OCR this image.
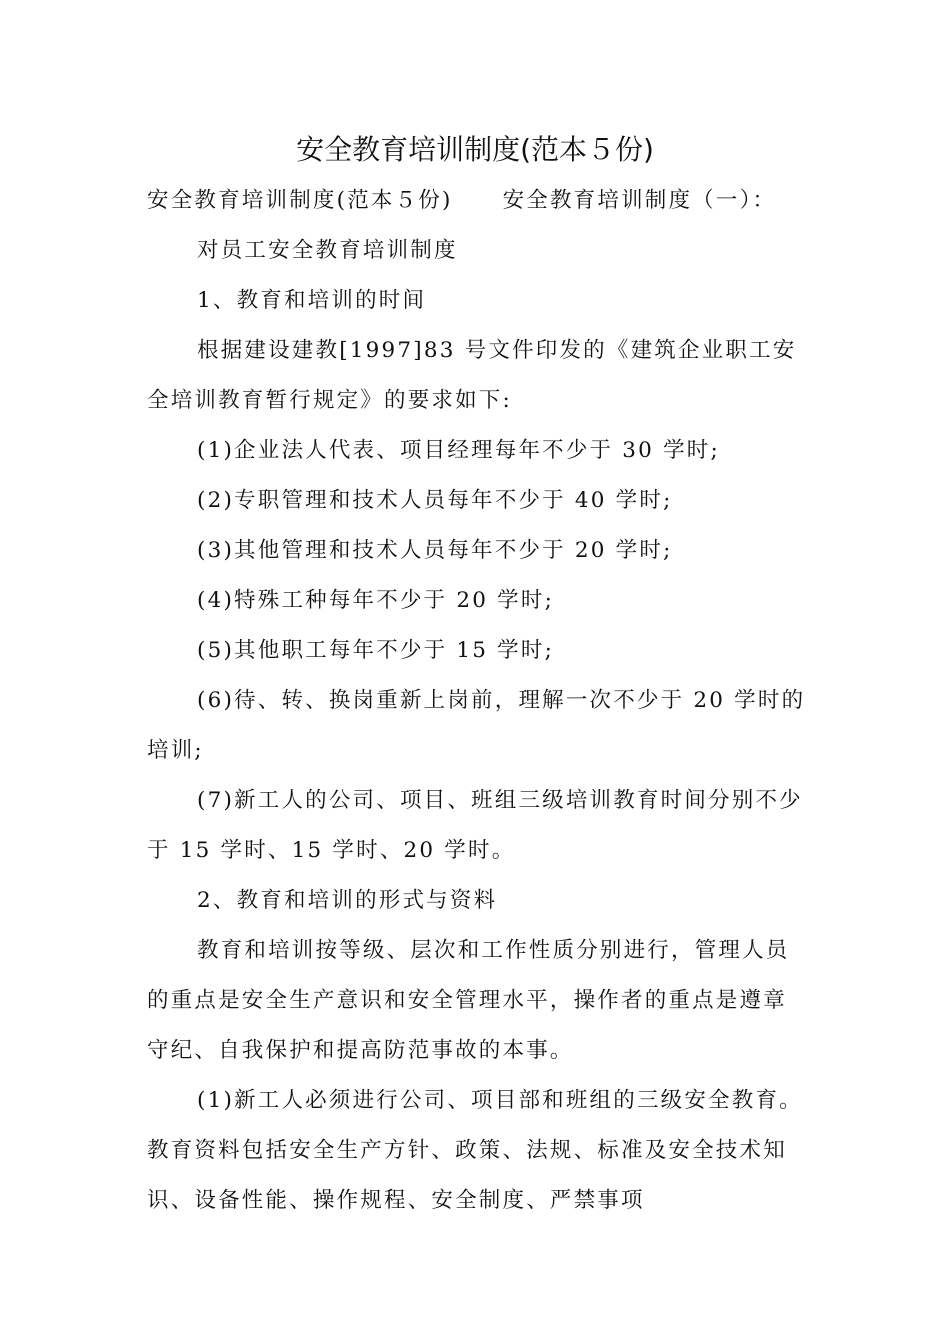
安全教育培训制度(范本５份)

安全教育培训制度(范本５份) 安全教育培训制度（一）：

对员工安全教育培训制度

1、教育和培训的时间

根据建设建教[1997]83 号文件印发的《建筑企业职工安全培训教育暂行规定》的要求如下:

(1)企业法人代表、项目经理每年不少于 30 学时;

(2)专职管理和技术人员每年不少于 40 学时;

(3)其他管理和技术人员每年不少于 20 学时;

(4)特殊工种每年不少于 20 学时;

(5)其他职工每年不少于 15 学时;

(6)待、转、换岗重新上岗前，理解一次不少于 20 学时的培训;

(7)新工人的公司、项目、班组三级培训教育时间分别不少于 15 学时、15 学时、20 学时。

2、教育和培训的形式与资料

教育和培训按等级、层次和工作性质分别进行，管理人员的重点是安全生产意识和安全管理水平，操作者的重点是遵章守纪、自我保护和提高防范事故的本事。

(1)新工人必须进行公司、项目部和班组的三级安全教育。教育资料包括安全生产方针、政策、法规、标准及安全技术知识、设备性能、操作规程、安全制度、严禁事项
